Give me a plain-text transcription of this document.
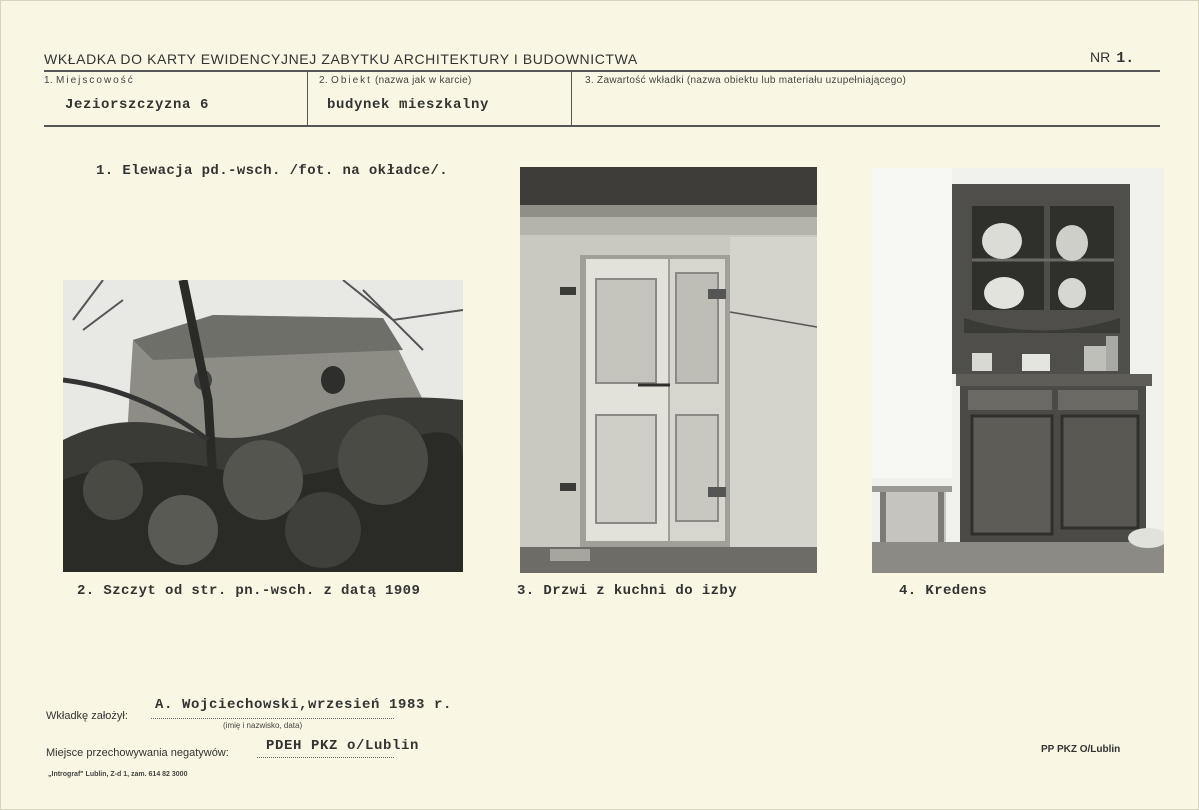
WKŁADKA DO KARTY EWIDENCYJNEJ ZABYTKU ARCHITEKTURY I BUDOWNICTWA	NR 1.
1. Miejscowość
Jeziorszczyzna 6
2. Obiekt (nazwa jak w karcie)
budynek mieszkalny
3. Zawartość wkładki (nazwa obiektu lub materiału uzupełniającego)
1. Elewacja pd.-wsch. /fot. na okładce/.
2. Szczyt od str. pn.-wsch. z datą 1909	3. Drzwi z kuchni do izby	4. Kredens
Wkładkę założył:
A. Wojciechowski,wrzesień 1983 r.
(imię i nazwisko, data)
Miejsce przechowywania negatywów:	PDEH PKZ o/Lublin	PP PKZ O/Lublin
„Intrograf" Lublin, Z-d 1, zam. 614 82 3000
